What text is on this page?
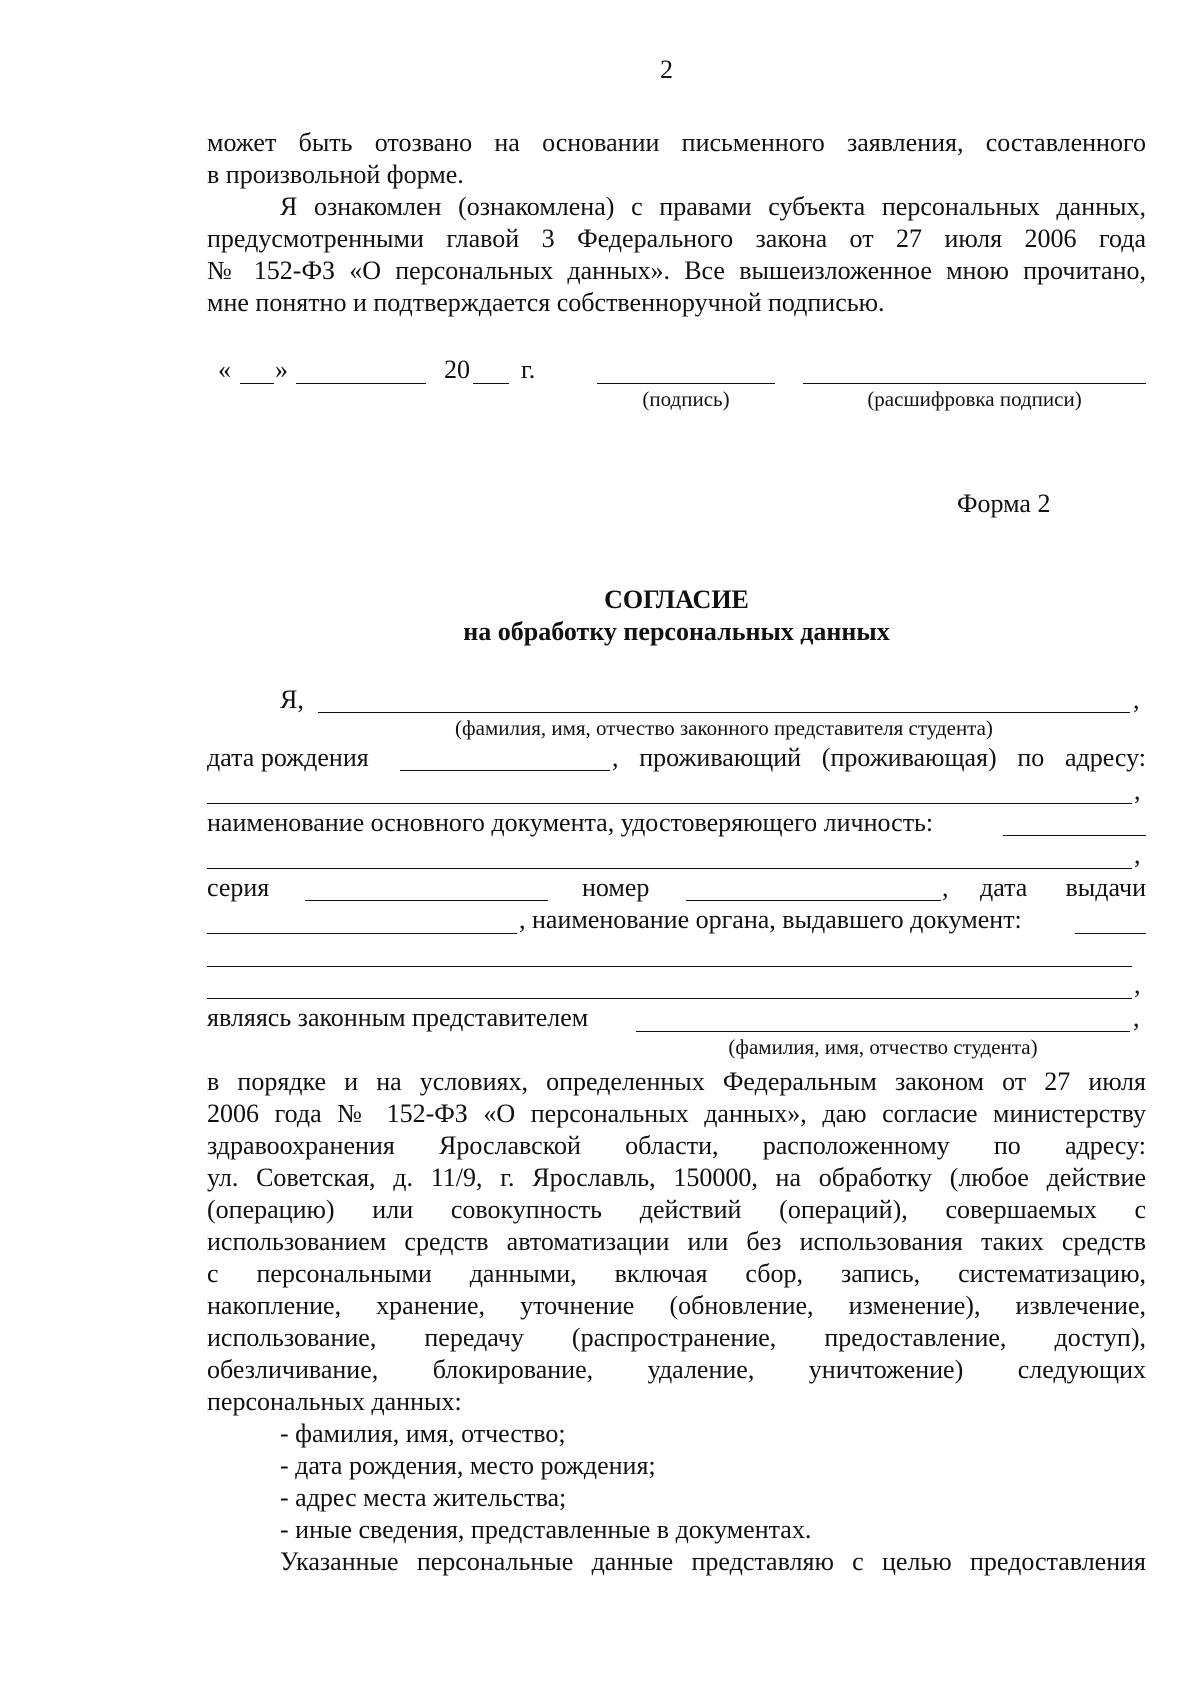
2
может быть отозвано на основании письменного заявления, составленного
в произвольной форме.
Я ознакомлен (ознакомлена) с правами субъекта персональных данных,
предусмотренными главой 3 Федерального закона от 27 июля 2006 года
№ 152-ФЗ «О персональных данных». Все вышеизложенное мною прочитано,
мне понятно и подтверждается собственноручной подписью.
« »	20 г.
(подпись)	(расшифровка подписи)
Форма 2
СОГЛАСИЕ
на обработку персональных данных
Я,	,
(фамилия, имя, отчество законного представителя студента)
дата рождения	, проживающий (проживающая) по адресу:
,
наименование основного документа, удостоверяющего личность:
,
серия	номер	, дата выдачи
, наименование органа, выдавшего документ:
,
являясь законным представителем	,
(фамилия, имя, отчество студента)
в порядке и на условиях, определенных Федеральным законом от 27 июля
2006 года № 152-ФЗ «О персональных данных», даю согласие министерству
здравоохранения Ярославской области, расположенному по адресу:
ул. Советская, д. 11/9, г. Ярославль, 150000, на обработку (любое действие
(операцию) или совокупность действий (операций), совершаемых с
использованием средств автоматизации или без использования таких средств
с персональными данными, включая сбор, запись, систематизацию,
накопление, хранение, уточнение (обновление, изменение), извлечение,
использование, передачу (распространение, предоставление, доступ),
обезличивание, блокирование, удаление, уничтожение) следующих
персональных данных:
- фамилия, имя, отчество;
- дата рождения, место рождения;
- адрес места жительства;
- иные сведения, представленные в документах.
Указанные персональные данные представляю с целью предоставления
